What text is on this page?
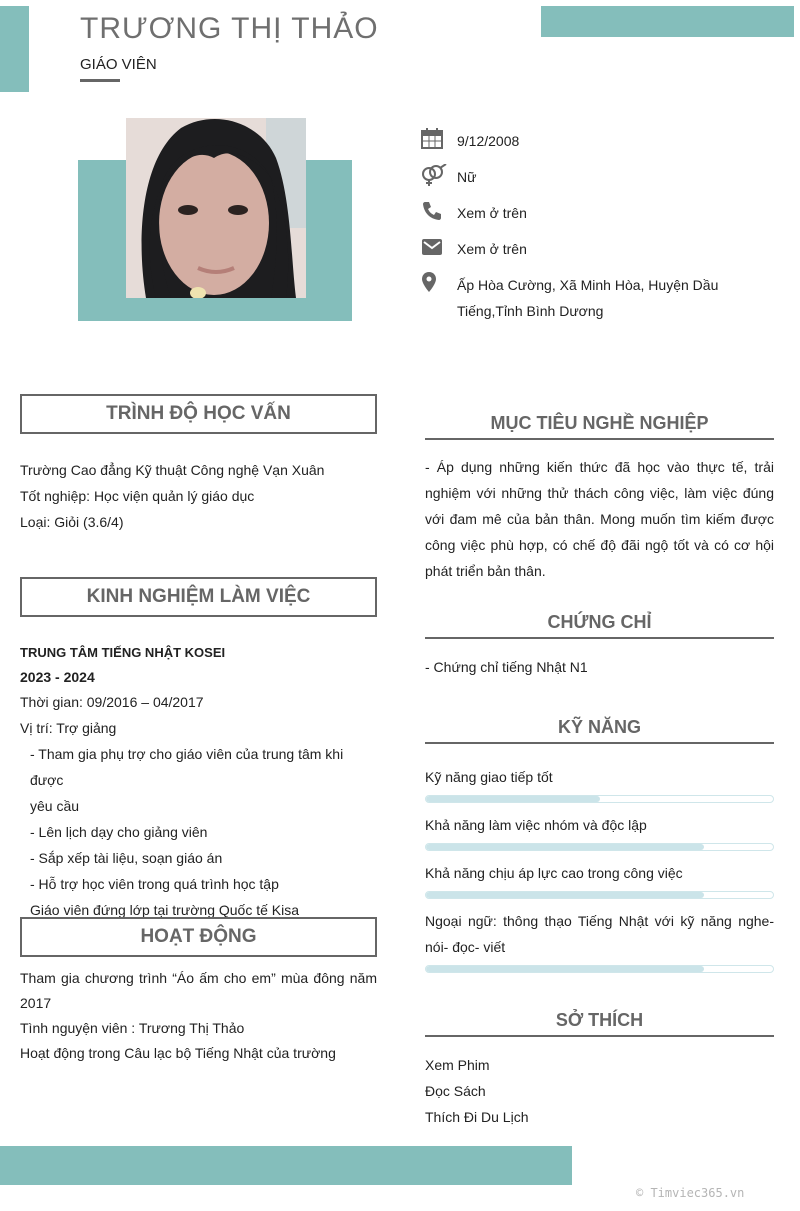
TRƯƠNG THỊ THẢO
GIÁO VIÊN
9/12/2008
Nữ
Xem ở trên
Xem ở trên
Ấp Hòa Cường, Xã Minh Hòa, Huyện Dầu
Tiếng,Tỉnh Bình Dương
TRÌNH ĐỘ HỌC VẤN
Trường Cao đẳng Kỹ thuật Công nghệ Vạn Xuân
Tốt nghiệp: Học viện quản lý giáo dục
Loại: Giỏi (3.6/4)
KINH NGHIỆM LÀM VIỆC
TRUNG TÂM TIẾNG NHẬT KOSEI
2023 - 2024
Thời gian: 09/2016 – 04/2017
Vị trí: Trợ giảng
- Tham gia phụ trợ cho giáo viên của trung tâm khi được
yêu cầu
- Lên lịch dạy cho giảng viên
- Sắp xếp tài liệu, soạn giáo án
- Hỗ trợ học viên trong quá trình học tập
Giáo viên đứng lớp tại trường Quốc tế Kisa
HOẠT ĐỘNG
Tham gia chương trình “Áo ấm cho em” mùa đông năm 2017
Tình nguyện viên : Trương Thị Thảo
Hoạt động trong Câu lạc bộ Tiếng Nhật của trường
MỤC TIÊU NGHỀ NGHIỆP
- Áp dụng những kiến thức đã học vào thực tế, trải nghiệm với những thử thách công việc, làm việc đúng với đam mê của bản thân. Mong muốn tìm kiếm được công việc phù hợp, có chế độ đãi ngộ tốt và có cơ hội phát triển bản thân.
CHỨNG CHỈ
- Chứng chỉ tiếng Nhật N1
KỸ NĂNG
Kỹ năng giao tiếp tốt
Khả năng làm việc nhóm và độc lập
Khả năng chịu áp lực cao trong công việc
Ngoại ngữ: thông thạo Tiếng Nhật với kỹ năng nghe- nói- đọc- viết
SỞ THÍCH
Xem Phim
Đọc Sách
Thích Đi Du Lịch
© Timviec365.vn
